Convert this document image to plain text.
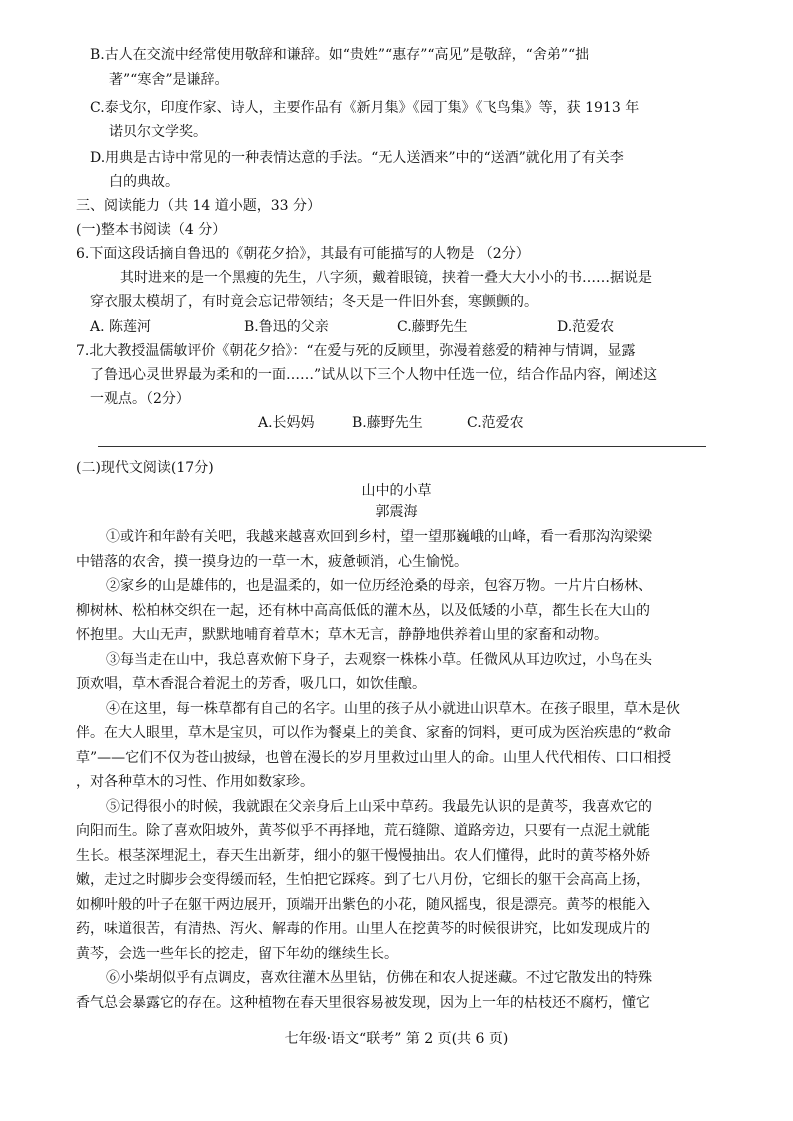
B.古人在交流中经常使用敬辞和谦辞。如“贵姓”“惠存”“高见”是敬辞，“舍弟”“拙
著”“寒舍”是谦辞。
C.泰戈尔，印度作家、诗人，主要作品有《新月集》《园丁集》《飞鸟集》等，获 1913 年
诺贝尔文学奖。
D.用典是古诗中常见的一种表情达意的手法。“无人送酒来”中的“送酒”就化用了有关李
白的典故。
三、阅读能力（共 14 道小题，33 分）
(一)整本书阅读（4 分）
6.下面这段话摘自鲁迅的《朝花夕拾》，其最有可能描写的人物是 （2分）
其时进来的是一个黑瘦的先生，八字须，戴着眼镜，挟着一叠大大小小的书……据说是
穿衣服太模胡了，有时竟会忘记带领结；冬天是一件旧外套，寒颤颤的。
A. 陈莲河	B.鲁迅的父亲	C.藤野先生	D.范爱农
7.北大教授温儒敏评价《朝花夕拾》：“在爱与死的反顾里，弥漫着慈爱的精神与情调，显露
了鲁迅心灵世界最为柔和的一面……”试从以下三个人物中任选一位，结合作品内容，阐述这
一观点。（2分）
A.长妈妈	B.藤野先生	C.范爱农
(二)现代文阅读(17分)
山中的小草
郭震海
①或许和年龄有关吧，我越来越喜欢回到乡村，望一望那巍峨的山峰，看一看那沟沟梁梁
中错落的农舍，摸一摸身边的一草一木，疲惫顿消，心生愉悦。
②家乡的山是雄伟的，也是温柔的，如一位历经沧桑的母亲，包容万物。一片片白杨林、
柳树林、松柏林交织在一起，还有林中高高低低的灌木丛，以及低矮的小草，都生长在大山的
怀抱里。大山无声，默默地哺育着草木；草木无言，静静地供养着山里的家畜和动物。
③每当走在山中，我总喜欢俯下身子，去观察一株株小草。任微风从耳边吹过，小鸟在头
顶欢唱，草木香混合着泥土的芳香，吸几口，如饮佳酿。
④在这里，每一株草都有自己的名字。山里的孩子从小就进山识草木。在孩子眼里，草木是伙
伴。在大人眼里，草木是宝贝，可以作为餐桌上的美食、家畜的饲料，更可成为医治疾患的“救命
草”——它们不仅为苍山披绿，也曾在漫长的岁月里救过山里人的命。山里人代代相传、口口相授
，对各种草木的习性、作用如数家珍。
⑤记得很小的时候，我就跟在父亲身后上山采中草药。我最先认识的是黄芩，我喜欢它的
向阳而生。除了喜欢阳坡外，黄芩似乎不再择地，荒石缝隙、道路旁边，只要有一点泥土就能
生长。根茎深埋泥土，春天生出新芽，细小的躯干慢慢抽出。农人们懂得，此时的黄芩格外娇
嫩，走过之时脚步会变得缓而轻，生怕把它踩疼。到了七八月份，它细长的躯干会高高上扬，
如柳叶般的叶子在躯干两边展开，顶端开出紫色的小花，随风摇曳，很是漂亮。黄芩的根能入
药，味道很苦，有清热、泻火、解毒的作用。山里人在挖黄芩的时候很讲究，比如发现成片的
黄芩，会选一些年长的挖走，留下年幼的继续生长。
⑥小柴胡似乎有点调皮，喜欢往灌木丛里钻，仿佛在和农人捉迷藏。不过它散发出的特殊
香气总会暴露它的存在。这种植物在春天里很容易被发现，因为上一年的枯枝还不腐朽，懂它
七年级·语文“联考” 第 2 页(共 6 页)
